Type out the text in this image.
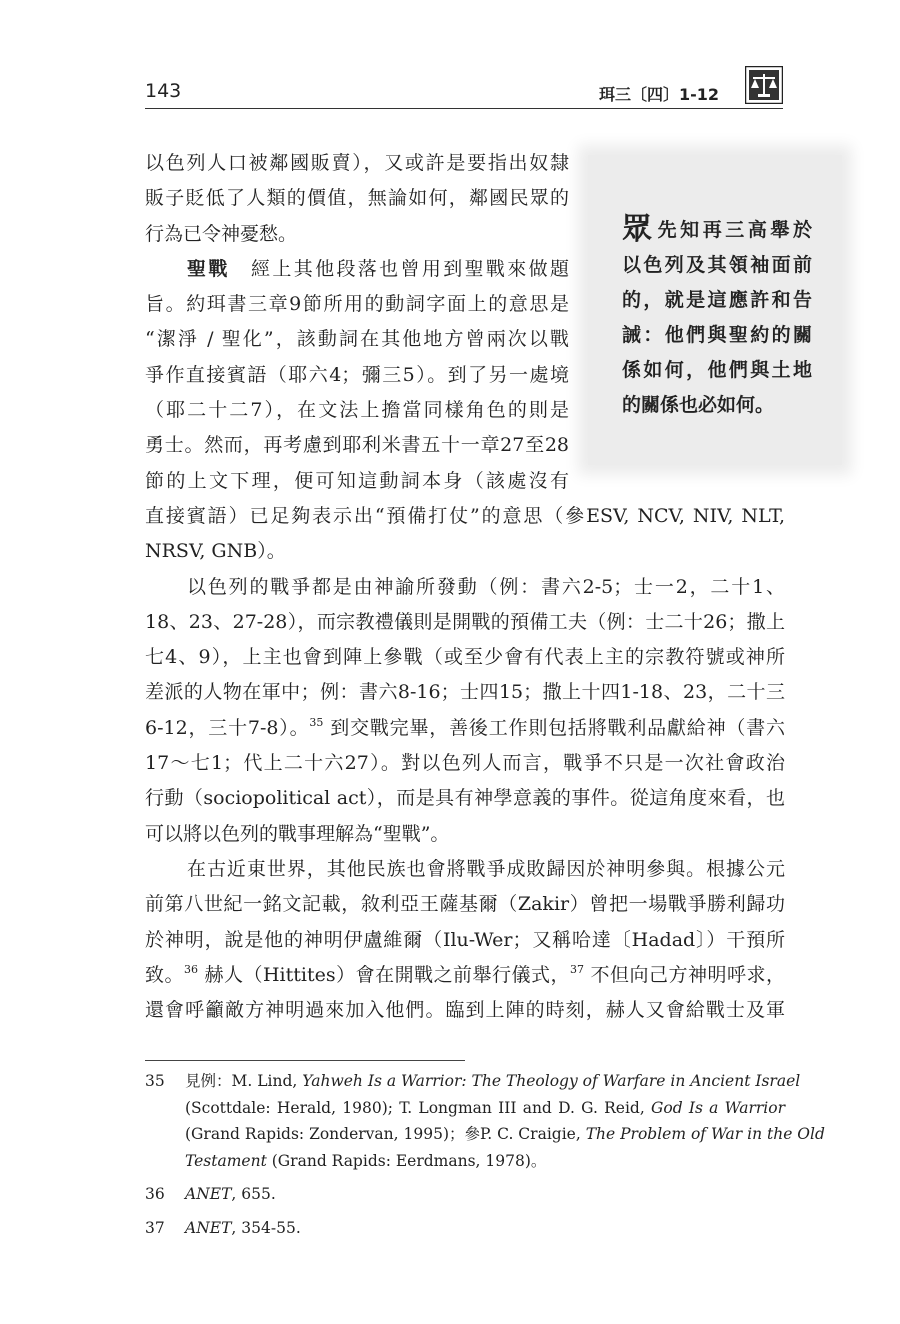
143	珥三〔四〕1-12
眾先知再三高舉於
以色列及其領袖面前
的，就是這應許和告
誡：他們與聖約的關
係如何，他們與土地
的關係也必如何。

以色列人口被鄰國販賣），又或許是要指出奴隸
販子貶低了人類的價值，無論如何，鄰國民眾的
行為已令神憂愁。

聖戰　經上其他段落也曾用到聖戰來做題
旨。約珥書三章9節所用的動詞字面上的意思是
“潔淨 / 聖化”，該動詞在其他地方曾兩次以戰
爭作直接賓語（耶六4；彌三5）。到了另一處境
（耶二十二7），在文法上擔當同樣角色的則是
勇士。然而，再考慮到耶利米書五十一章27至28
節的上文下理，便可知這動詞本身（該處沒有

直接賓語）已足夠表示出“預備打仗”的意思（參ESV, NCV, NIV, NLT,
NRSV, GNB）。

以色列的戰爭都是由神諭所發動（例：書六2-5；士一2，二十1、
18、23、27-28），而宗教禮儀則是開戰的預備工夫（例：士二十26；撒上
七4、9），上主也會到陣上參戰（或至少會有代表上主的宗教符號或神所
差派的人物在軍中；例：書六8-16；士四15；撒上十四1-18、23，二十三
6-12，三十7-8）。$^{35}$ 到交戰完畢，善後工作則包括將戰利品獻給神（書六
17～七1；代上二十六27）。對以色列人而言，戰爭不只是一次社會政治
行動（sociopolitical act），而是具有神學意義的事件。從這角度來看，也
可以將以色列的戰事理解為“聖戰”。

在古近東世界，其他民族也會將戰爭成敗歸因於神明參與。根據公元
前第八世紀一銘文記載，敘利亞王薩基爾（Zakir）曾把一場戰爭勝利歸功
於神明，說是他的神明伊盧維爾（Ilu-Wer；又稱哈達〔Hadad〕）干預所
致。$^{36}$ 赫人（Hittites）會在開戰之前舉行儀式，$^{37}$ 不但向己方神明呼求，
還會呼籲敵方神明過來加入他們。臨到上陣的時刻，赫人又會給戰士及軍

35 見例：M. Lind, Yahweh Is a Warrior: The Theology of Warfare in Ancient Israel
(Scottdale: Herald, 1980); T. Longman III and D. G. Reid, God Is a Warrior
(Grand Rapids: Zondervan, 1995)；參P. C. Craigie, The Problem of War in the Old
Testament (Grand Rapids: Eerdmans, 1978)。
36 ANET, 655.
37 ANET, 354-55.
